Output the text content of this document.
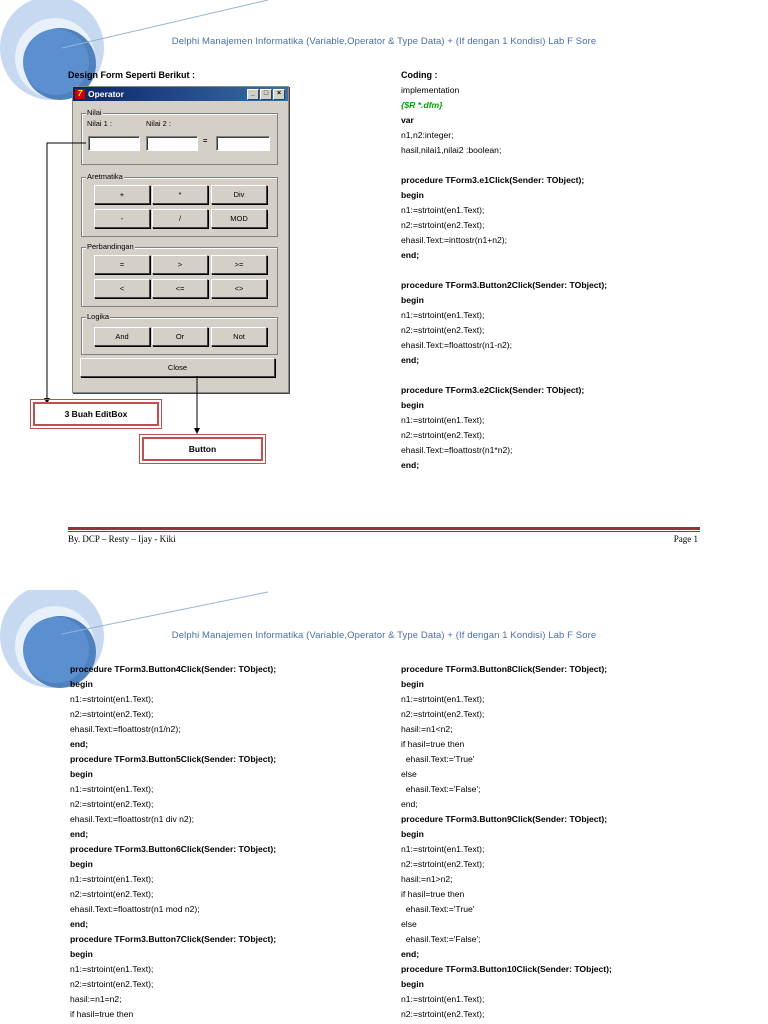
Delphi Manajemen Informatika (Variable,Operator & Type Data) + (If dengan 1 Kondisi) Lab F Sore
Design Form Seperti Berikut :	Coding :
7 Operator	_	□	×
Nilai
Nilai 1 :	Nilai 2 :
=
Aretmatika
+	*	Div
-	/	MOD
Perbandingan
=	>	>=
<	<=	<>
Logika
And	Or	Not
Close
3 Buah EditBox
Button
implementation
{$R *.dfm}
var
n1,n2:integer;
hasil,nilai1,nilai2 :boolean;
procedure TForm3.e1Click(Sender: TObject);
begin
n1:=strtoint(en1.Text);
n2:=strtoint(en2.Text);
ehasil.Text:=inttostr(n1+n2);
end;
procedure TForm3.Button2Click(Sender: TObject);
begin
n1:=strtoint(en1.Text);
n2:=strtoint(en2.Text);
ehasil.Text:=floattostr(n1-n2);
end;
procedure TForm3.e2Click(Sender: TObject);
begin
n1:=strtoint(en1.Text);
n2:=strtoint(en2.Text);
ehasil.Text:=floattostr(n1*n2);
end;
By. DCP – Resty – Ijay - Kiki	Page 1
Delphi Manajemen Informatika (Variable,Operator & Type Data) + (If dengan 1 Kondisi) Lab F Sore
procedure TForm3.Button4Click(Sender: TObject);
begin
n1:=strtoint(en1.Text);
n2:=strtoint(en2.Text);
ehasil.Text:=floattostr(n1/n2);
end;
procedure TForm3.Button5Click(Sender: TObject);
begin
n1:=strtoint(en1.Text);
n2:=strtoint(en2.Text);
ehasil.Text:=floattostr(n1 div n2);
end;
procedure TForm3.Button6Click(Sender: TObject);
begin
n1:=strtoint(en1.Text);
n2:=strtoint(en2.Text);
ehasil.Text:=floattostr(n1 mod n2);
end;
procedure TForm3.Button7Click(Sender: TObject);
begin
n1:=strtoint(en1.Text);
n2:=strtoint(en2.Text);
hasil:=n1=n2;
if hasil=true then
procedure TForm3.Button8Click(Sender: TObject);
begin
n1:=strtoint(en1.Text);
n2:=strtoint(en2.Text);
hasil:=n1<n2;
if hasil=true then
ehasil.Text:='True'
else
ehasil.Text:='False';
end;
procedure TForm3.Button9Click(Sender: TObject);
begin
n1:=strtoint(en1.Text);
n2:=strtoint(en2.Text);
hasil:=n1>n2;
if hasil=true then
ehasil.Text:='True'
else
ehasil.Text:='False';
end;
procedure TForm3.Button10Click(Sender: TObject);
begin
n1:=strtoint(en1.Text);
n2:=strtoint(en2.Text);
